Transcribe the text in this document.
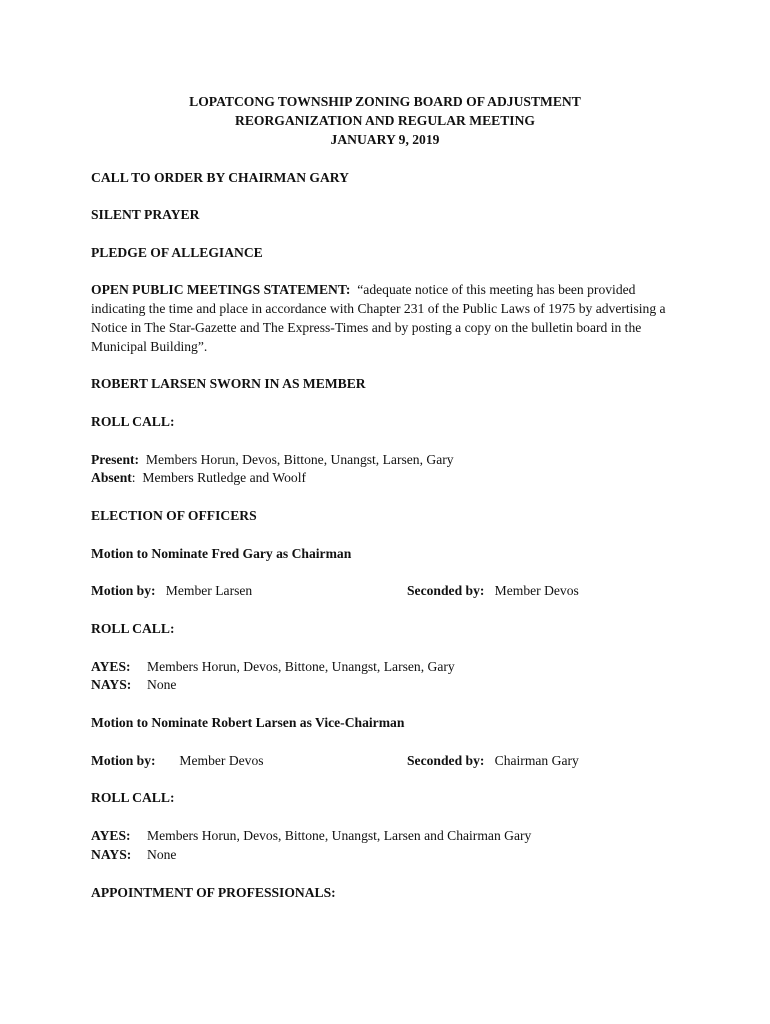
LOPATCONG TOWNSHIP ZONING BOARD OF ADJUSTMENT
REORGANIZATION AND REGULAR MEETING
JANUARY 9, 2019
CALL TO ORDER BY CHAIRMAN GARY
SILENT PRAYER
PLEDGE OF ALLEGIANCE
OPEN PUBLIC MEETINGS STATEMENT: “adequate notice of this meeting has been provided
indicating the time and place in accordance with Chapter 231 of the Public Laws of 1975 by advertising a
Notice in The Star-Gazette and The Express-Times and by posting a copy on the bulletin board in the
Municipal Building”.
ROBERT LARSEN SWORN IN AS MEMBER
ROLL CALL:
Present: Members Horun, Devos, Bittone, Unangst, Larsen, Gary
Absent: Members Rutledge and Woolf
ELECTION OF OFFICERS
Motion to Nominate Fred Gary as Chairman
Motion by: Member Larsen	Seconded by: Member Devos
ROLL CALL:
AYES: Members Horun, Devos, Bittone, Unangst, Larsen, Gary
NAYS: None
Motion to Nominate Robert Larsen as Vice-Chairman
Motion by: Member Devos	Seconded by: Chairman Gary
ROLL CALL:
AYES: Members Horun, Devos, Bittone, Unangst, Larsen and Chairman Gary
NAYS: None
APPOINTMENT OF PROFESSIONALS:
